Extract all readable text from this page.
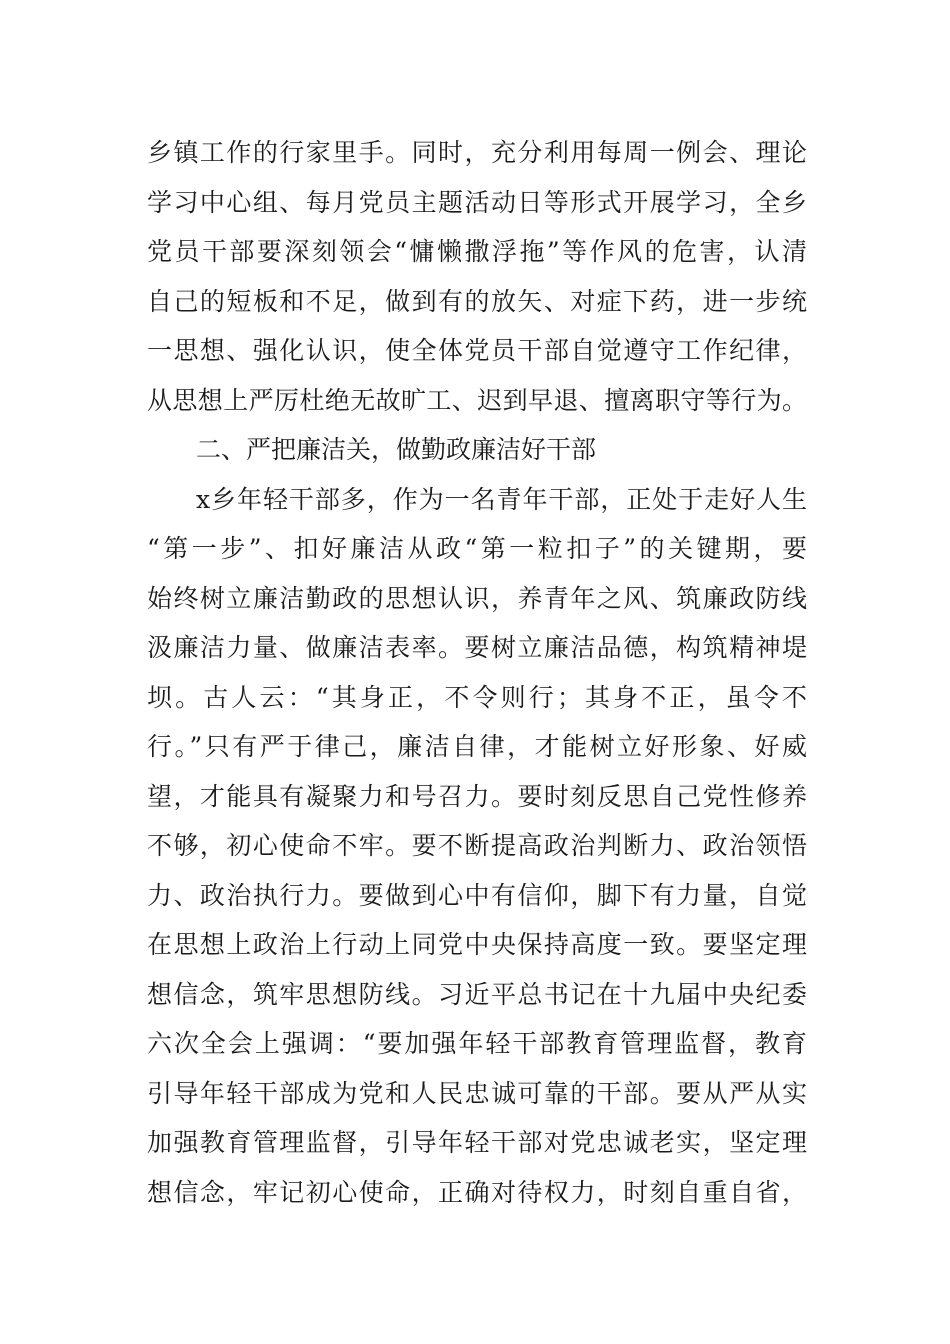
乡镇工作的行家里手。同时，充分利用每周一例会、理论
学习中心组、每月党员主题活动日等形式开展学习，全乡
党员干部要深刻领会“慵懒撒浮拖”等作风的危害，认清
自己的短板和不足，做到有的放矢、对症下药，进一步统
一思想、强化认识，使全体党员干部自觉遵守工作纪律，
从思想上严厉杜绝无故旷工、迟到早退、擅离职守等行为。
二、严把廉洁关，做勤政廉洁好干部
x乡年轻干部多，作为一名青年干部，正处于走好人生
“第一步”、扣好廉洁从政“第一粒扣子”的关键期，要
始终树立廉洁勤政的思想认识，养青年之风、筑廉政防线
汲廉洁力量、做廉洁表率。要树立廉洁品德，构筑精神堤
坝。古人云：“其身正，不令则行；其身不正，虽令不
行。”只有严于律己，廉洁自律，才能树立好形象、好威
望，才能具有凝聚力和号召力。要时刻反思自己党性修养
不够，初心使命不牢。要不断提高政治判断力、政治领悟
力、政治执行力。要做到心中有信仰，脚下有力量，自觉
在思想上政治上行动上同党中央保持高度一致。要坚定理
想信念，筑牢思想防线。习近平总书记在十九届中央纪委
六次全会上强调：“要加强年轻干部教育管理监督，教育
引导年轻干部成为党和人民忠诚可靠的干部。要从严从实
加强教育管理监督，引导年轻干部对党忠诚老实，坚定理
想信念，牢记初心使命，正确对待权力，时刻自重自省，
